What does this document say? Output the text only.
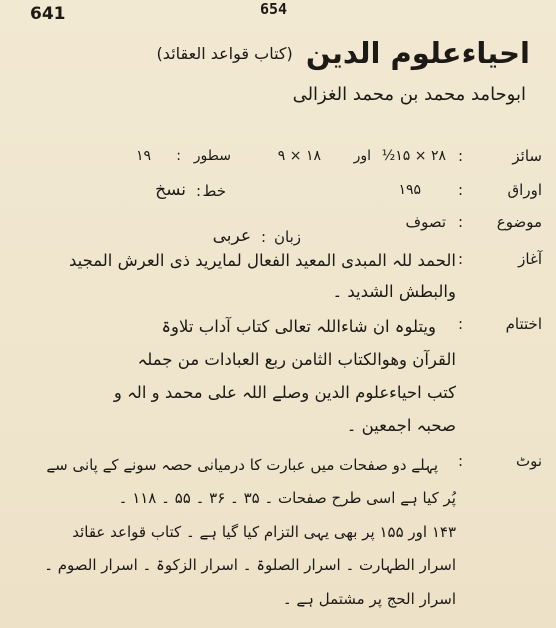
641	654
احیاءعلوم الدین (کتاب قواعد العقائد)
ابوحامد محمد بن محمد الغزالی
سائز
:
۲۸ × ۱۵½
اور
۱۸ × ۹
سطور
:
۱۹
اوراق
:
۱۹۵
خط
:
نسخ
موضوع
:
تصوف
زبان
:
عربی
آغاز
:
الحمد للہ المبدی المعید الفعال لمایرید ذی العرش المجید
والبطش الشدید ۔
اختتام
:
ویتلوہ ان شاءاللہ تعالی کتاب آداب تلاوۃ
القرآن وھوالکتاب الثامن ربع العبادات من جملہ
کتب احیاءعلوم الدین وصلے اللہ علی محمد و الہ و
صحبہ اجمعین ۔
نوٹ
:
پہلے دو صفحات میں عبارت کا درمیانی حصہ سونے کے پانی سے
پُر کیا ہے اسی طرح صفحات ۔ ۳۵ ۔ ۳۶ ۔ ۵۵ ۔ ۱۱۸ ۔
۱۴۳ اور ۱۵۵ پر بھی یہی التزام کیا گیا ہے ۔ کتاب قواعد عقائد
اسرار الطہارت ۔ اسرار الصلوۃ ۔ اسرار الزکوۃ ۔ اسرار الصوم ۔
اسرار الحج پر مشتمل ہے ۔
